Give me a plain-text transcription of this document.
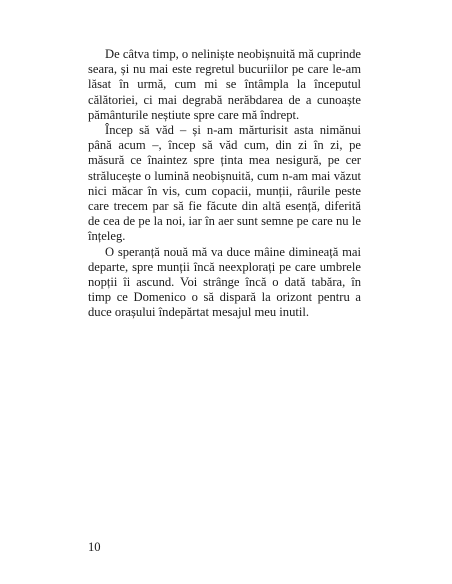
De câtva timp, o neliniște neobișnuită mă cuprinde seara, și nu mai este regretul bucuriilor pe care le-am lăsat în urmă, cum mi se întâmpla la începutul călătoriei, ci mai degrabă nerăbdarea de a cunoaște pământurile neștiute spre care mă îndrept.

Încep să văd – și n-am mărturisit asta nimănui până acum –, încep să văd cum, din zi în zi, pe măsură ce înaintez spre ținta mea nesigură, pe cer strălucește o lumină neobișnuită, cum n-am mai văzut nici măcar în vis, cum copacii, munții, râurile peste care trecem par să fie făcute din altă esență, diferită de cea de pe la noi, iar în aer sunt semne pe care nu le înțeleg.

O speranță nouă mă va duce mâine dimineață mai departe, spre munții încă neexplorați pe care umbrele nopții îi ascund. Voi strânge încă o dată tabăra, în timp ce Domenico o să dispară la orizont pentru a duce orașului îndepărtat mesajul meu inutil.

10
